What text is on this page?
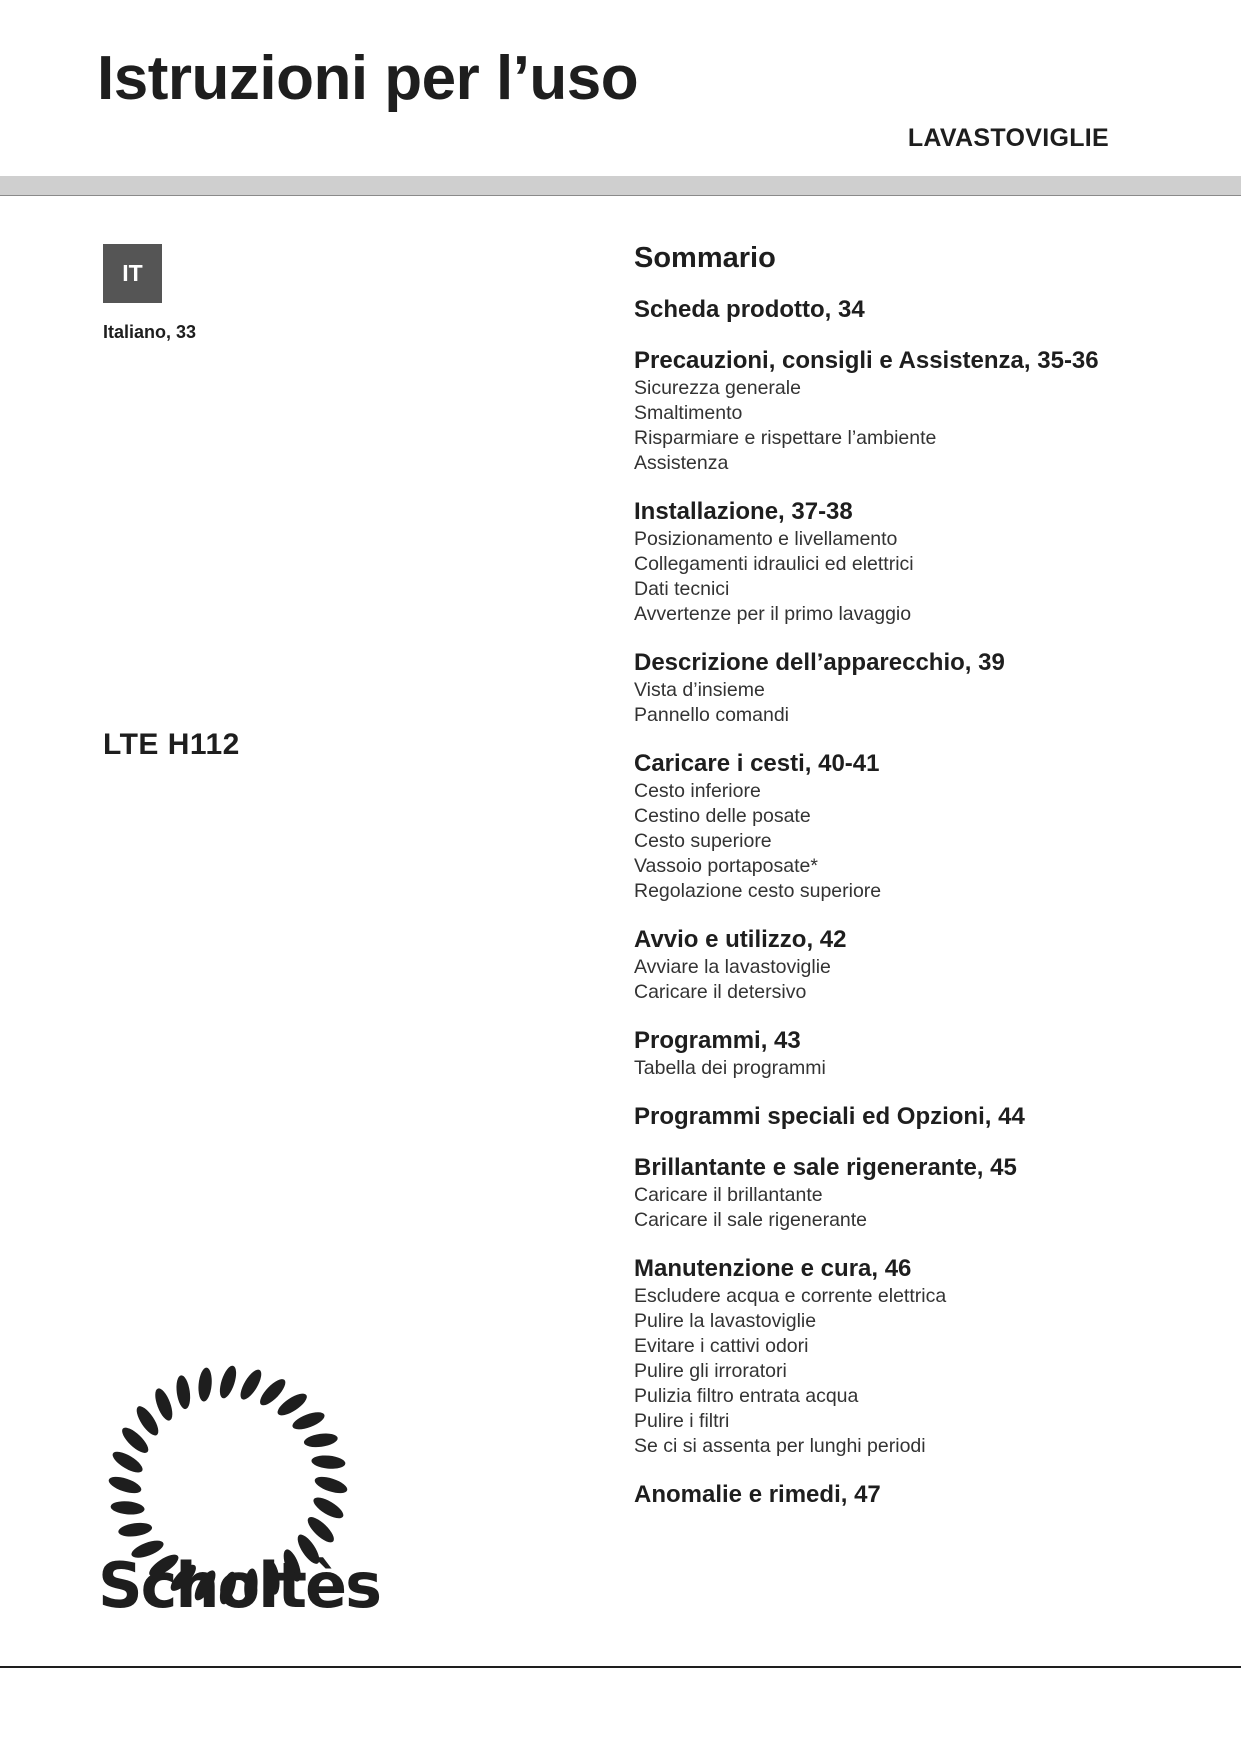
Istruzioni per l’uso
LAVASTOVIGLIE
IT
Italiano, 33
LTE H112
Sommario
Scheda prodotto, 34
Precauzioni, consigli e Assistenza, 35-36
Sicurezza generale
Smaltimento
Risparmiare e rispettare l’ambiente
Assistenza
Installazione, 37-38
Posizionamento e livellamento
Collegamenti idraulici ed elettrici
Dati tecnici
Avvertenze per il primo lavaggio
Descrizione dell’apparecchio, 39
Vista d’insieme
Pannello comandi
Caricare i cesti, 40-41
Cesto inferiore
Cestino delle posate
Cesto superiore
Vassoio portaposate*
Regolazione cesto superiore
Avvio e utilizzo, 42
Avviare la lavastoviglie
Caricare il detersivo
Programmi, 43
Tabella dei programmi
Programmi speciali ed Opzioni, 44
Brillantante e sale rigenerante, 45
Caricare il brillantante
Caricare il sale rigenerante
Manutenzione e cura, 46
Escludere acqua e corrente elettrica
Pulire la lavastoviglie
Evitare i cattivi odori
Pulire gli irroratori
Pulizia filtro entrata acqua
Pulire i filtri
Se ci si assenta per lunghi periodi
Anomalie e rimedi, 47
Scholtès
